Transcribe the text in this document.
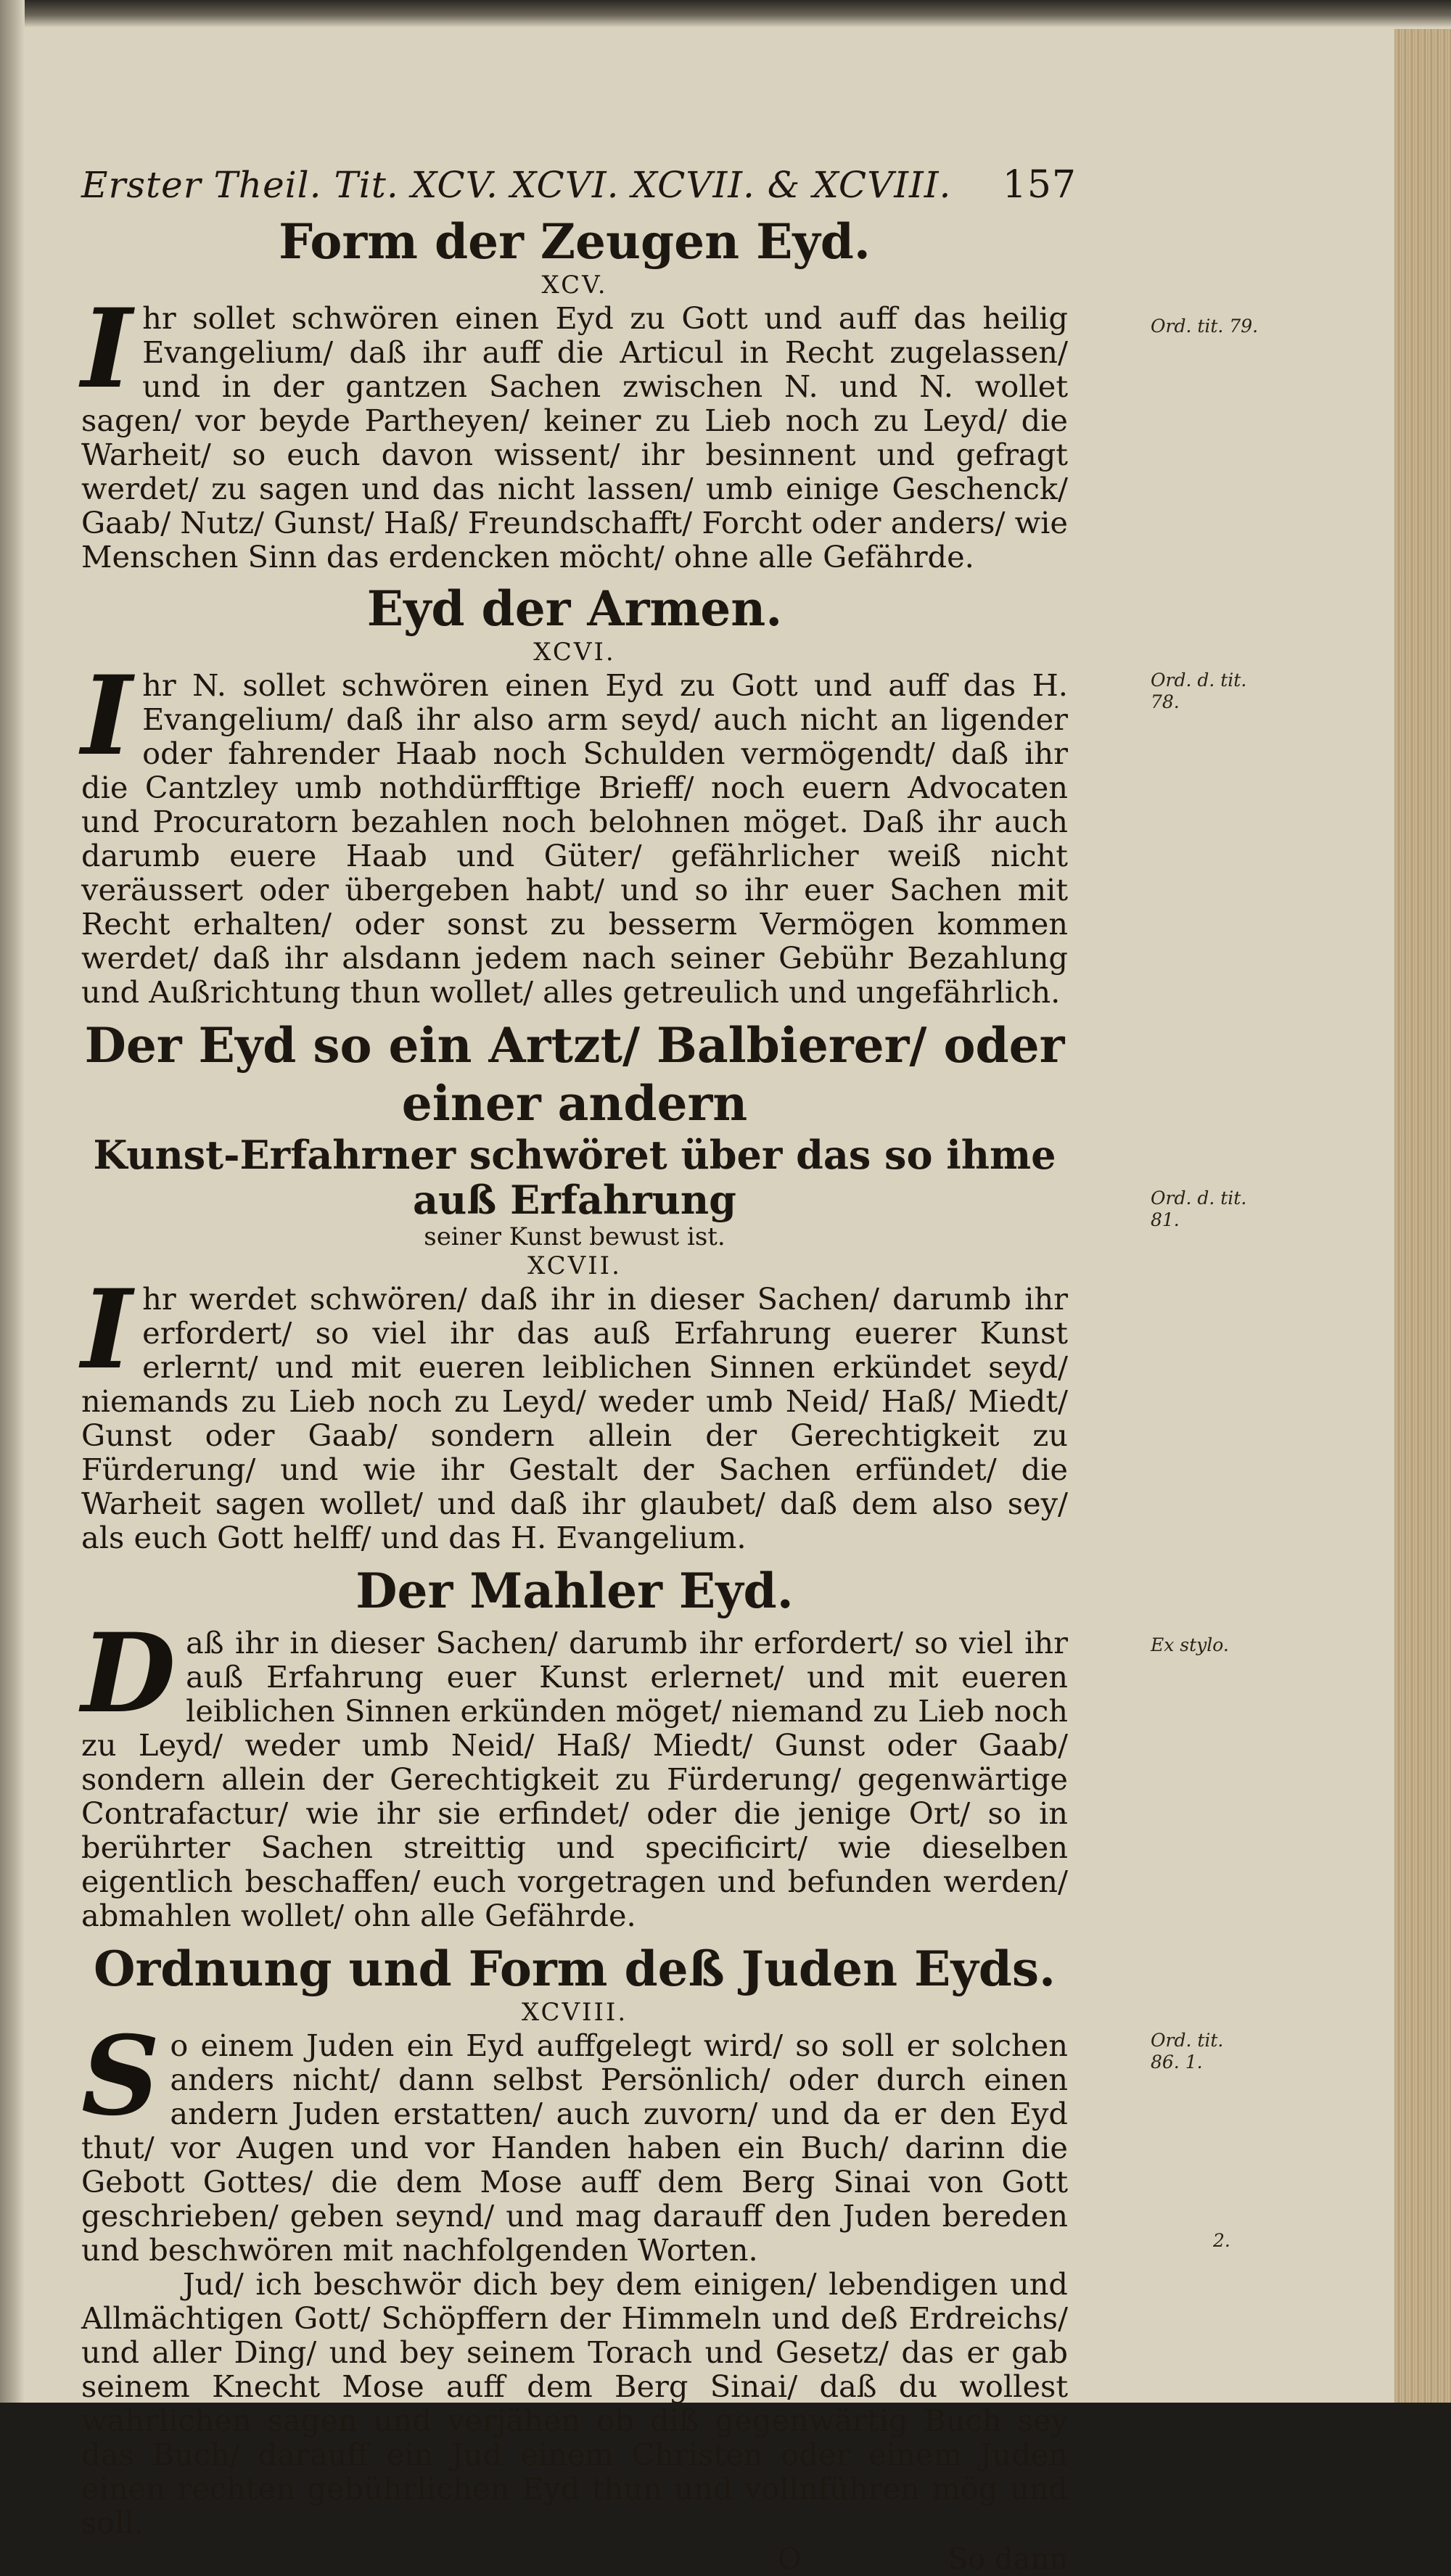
Erster Theil. Tit. XCV. XCVI. XCVII. & XCVIII. 157
Form der Zeugen Eyd.
XCV.
Ord. tit. 79.

Ihr sollet schwören einen Eyd zu Gott und auff das heilig Evangelium/ daß ihr auff die Articul in Recht zugelassen/ und in der gantzen Sachen zwischen N. und N. wollet sagen/ vor beyde Partheyen/ keiner zu Lieb noch zu Leyd/ die Warheit/ so euch davon wissent/ ihr besinnent und gefragt werdet/ zu sagen und das nicht lassen/ umb einige Geschenck/ Gaab/ Nutz/ Gunst/ Haß/ Freundschafft/ Forcht oder anders/ wie Menschen Sinn das erdencken möcht/ ohne alle Gefährde.

Eyd der Armen.
XCVI.
Ord. d. tit. 78.

Ihr N. sollet schwören einen Eyd zu Gott und auff das H. Evangelium/ daß ihr also arm seyd/ auch nicht an ligender oder fahrender Haab noch Schulden vermögendt/ daß ihr die Cantzley umb nothdürfftige Brieff/ noch euern Advocaten und Procuratorn bezahlen noch belohnen möget. Daß ihr auch darumb euere Haab und Güter/ gefährlicher weiß nicht veräussert oder übergeben habt/ und so ihr euer Sachen mit Recht erhalten/ oder sonst zu besserm Vermögen kommen werdet/ daß ihr alsdann jedem nach seiner Gebühr Bezahlung und Außrichtung thun wollet/ alles getreulich und ungefährlich.

Der Eyd so ein Artzt/ Balbierer/ oder einer andern
Kunst-Erfahrner schwöret über das so ihme auß Erfahrung
seiner Kunst bewust ist.
XCVII.
Ord. d. tit. 81.

Ihr werdet schwören/ daß ihr in dieser Sachen/ darumb ihr erfordert/ so viel ihr das auß Erfahrung euerer Kunst erlernt/ und mit eueren leiblichen Sinnen erkündet seyd/ niemands zu Lieb noch zu Leyd/ weder umb Neid/ Haß/ Miedt/ Gunst oder Gaab/ sondern allein der Gerechtigkeit zu Fürderung/ und wie ihr Gestalt der Sachen erfündet/ die Warheit sagen wollet/ und daß ihr glaubet/ daß dem also sey/ als euch Gott helff/ und das H. Evangelium.

Der Mahler Eyd.
Ex stylo.

Daß ihr in dieser Sachen/ darumb ihr erfordert/ so viel ihr auß Erfahrung euer Kunst erlernet/ und mit eueren leiblichen Sinnen erkünden möget/ niemand zu Lieb noch zu Leyd/ weder umb Neid/ Haß/ Miedt/ Gunst oder Gaab/ sondern allein der Gerechtigkeit zu Fürderung/ gegenwärtige Contrafactur/ wie ihr sie erfindet/ oder die jenige Ort/ so in berührter Sachen streittig und specificirt/ wie dieselben eigentlich beschaffen/ euch vorgetragen und befunden werden/ abmahlen wollet/ ohn alle Gefährde.

Ordnung und Form deß Juden Eyds.
XCVIII.
Ord. tit. 86. 1.
2.

So einem Juden ein Eyd auffgelegt wird/ so soll er solchen anders nicht/ dann selbst Persönlich/ oder durch einen andern Juden erstatten/ auch zuvorn/ und da er den Eyd thut/ vor Augen und vor Handen haben ein Buch/ darinn die Gebott Gottes/ die dem Mose auff dem Berg Sinai von Gott geschrieben/ geben seynd/ und mag darauff den Juden bereden und beschwören mit nachfolgenden Worten.

Jud/ ich beschwör dich bey dem einigen/ lebendigen und Allmächtigen Gott/ Schöpffern der Himmeln und deß Erdreichs/ und aller Ding/ und bey seinem Torach und Gesetz/ das er gab seinem Knecht Mose auff dem Berg Sinai/ daß du wollest wahrlichen sagen und verjähen ob diß gegenwärtig Buch sey das Buch/ darauff ein Jud einem Christen oder einem Juden einen rechten gebührlichen Eyd thun und vollnführen mög und soll.

O	So dann
